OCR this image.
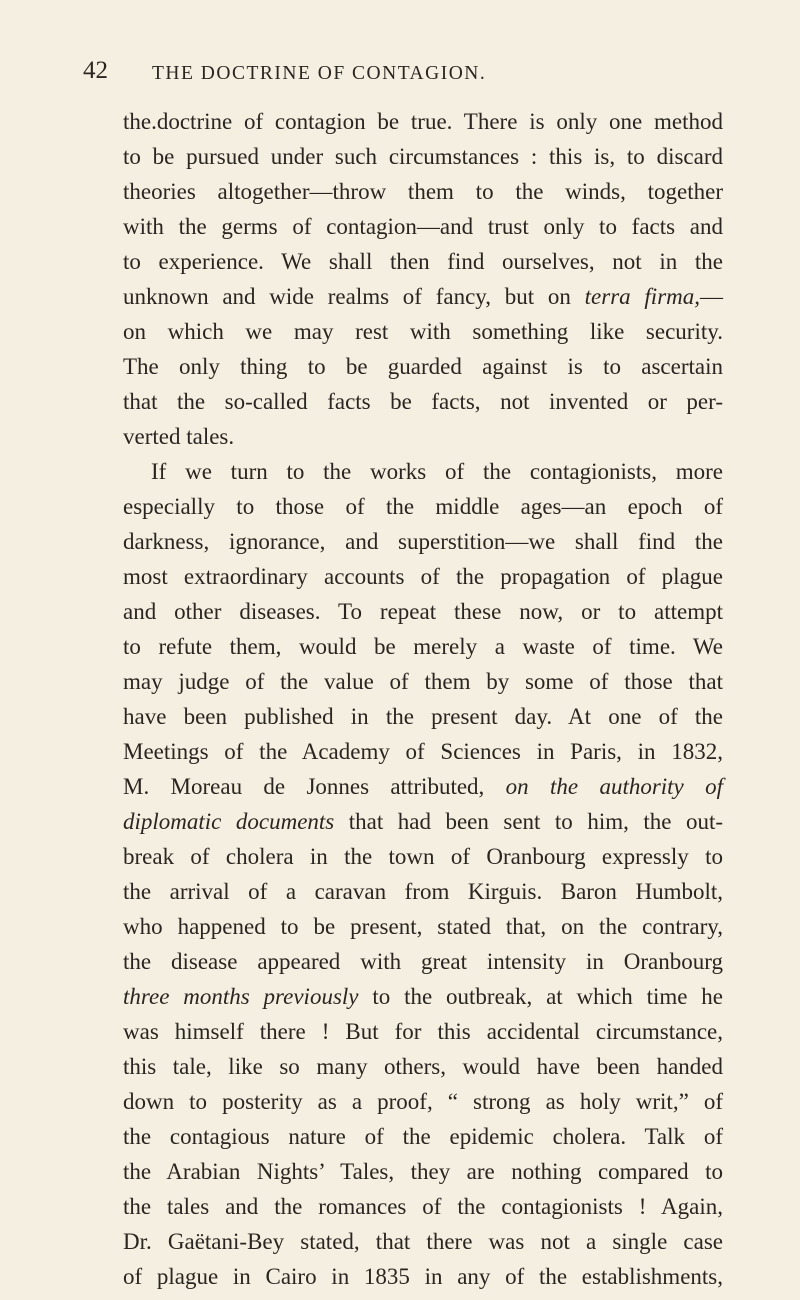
42 THE DOCTRINE OF CONTAGION.
the.doctrine of contagion be true. There is only one method
to be pursued under such circumstances : this is, to discard
theories altogether—throw them to the winds, together
with the germs of contagion—and trust only to facts and
to experience. We shall then find ourselves, not in the
unknown and wide realms of fancy, but on terra firma,—
on which we may rest with something like security.
The only thing to be guarded against is to ascertain
that the so-called facts be facts, not invented or per-
verted tales.
If we turn to the works of the contagionists, more
especially to those of the middle ages—an epoch of
darkness, ignorance, and superstition—we shall find the
most extraordinary accounts of the propagation of plague
and other diseases. To repeat these now, or to attempt
to refute them, would be merely a waste of time. We
may judge of the value of them by some of those that
have been published in the present day. At one of the
Meetings of the Academy of Sciences in Paris, in 1832,
M. Moreau de Jonnes attributed, on the authority of
diplomatic documents that had been sent to him, the out-
break of cholera in the town of Oranbourg expressly to
the arrival of a caravan from Kirguis. Baron Humbolt,
who happened to be present, stated that, on the contrary,
the disease appeared with great intensity in Oranbourg
three months previously to the outbreak, at which time he
was himself there ! But for this accidental circumstance,
this tale, like so many others, would have been handed
down to posterity as a proof, “ strong as holy writ,” of
the contagious nature of the epidemic cholera. Talk of
the Arabian Nights’ Tales, they are nothing compared to
the tales and the romances of the contagionists ! Again,
Dr. Gaëtani-Bey stated, that there was not a single case
of plague in Cairo in 1835 in any of the establishments,
